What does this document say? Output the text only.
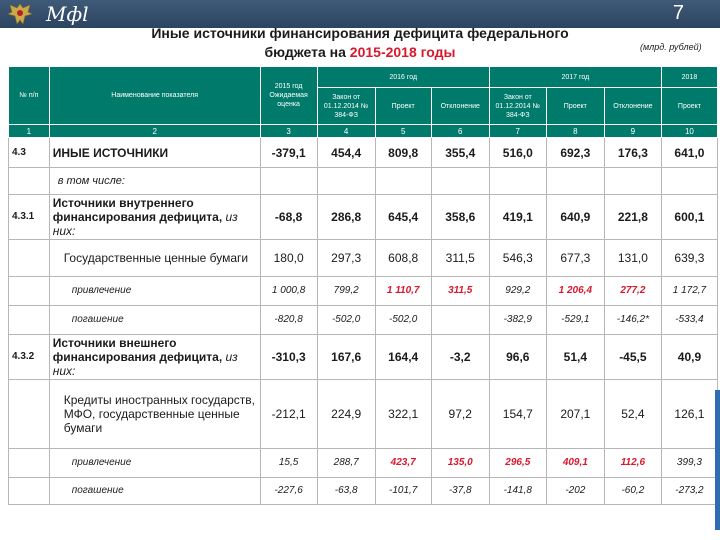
Мфl	7
Иные источники финансирования дефицита федерального
бюджета на 2015-2018 годы	(млрд. рублей)
№ п/п	Наименование показателя	2015 год Ожидаемая оценка	2016 год			2017 год			2018
			Закон от 01.12.2014 № 384-ФЗ	Проект	Отклонение	Закон от 01.12.2014 № 384-ФЗ	Проект	Отклонение	Проект
1	2	3	4	5	6	7	8	9	10
4.3	ИНЫЕ ИСТОЧНИКИ	-379,1	454,4	809,8	355,4	516,0	692,3	176,3	641,0
	в том числе:								
4.3.1	Источники внутреннего финансирования дефицита, из них:	-68,8	286,8	645,4	358,6	419,1	640,9	221,8	600,1
	Государственные ценные бумаги	180,0	297,3	608,8	311,5	546,3	677,3	131,0	639,3
	привлечение	1 000,8	799,2	1 110,7	311,5	929,2	1 206,4	277,2	1 172,7
	погашение	-820,8	-502,0	-502,0		-382,9	-529,1	-146,2*	-533,4
4.3.2	Источники внешнего финансирования дефицита, из них:	-310,3	167,6	164,4	-3,2	96,6	51,4	-45,5	40,9
	Кредиты иностранных государств, МФО, государственные ценные бумаги	-212,1	224,9	322,1	97,2	154,7	207,1	52,4	126,1
	привлечение	15,5	288,7	423,7	135,0	296,5	409,1	112,6	399,3
	погашение	-227,6	-63,8	-101,7	-37,8	-141,8	-202	-60,2	-273,2
